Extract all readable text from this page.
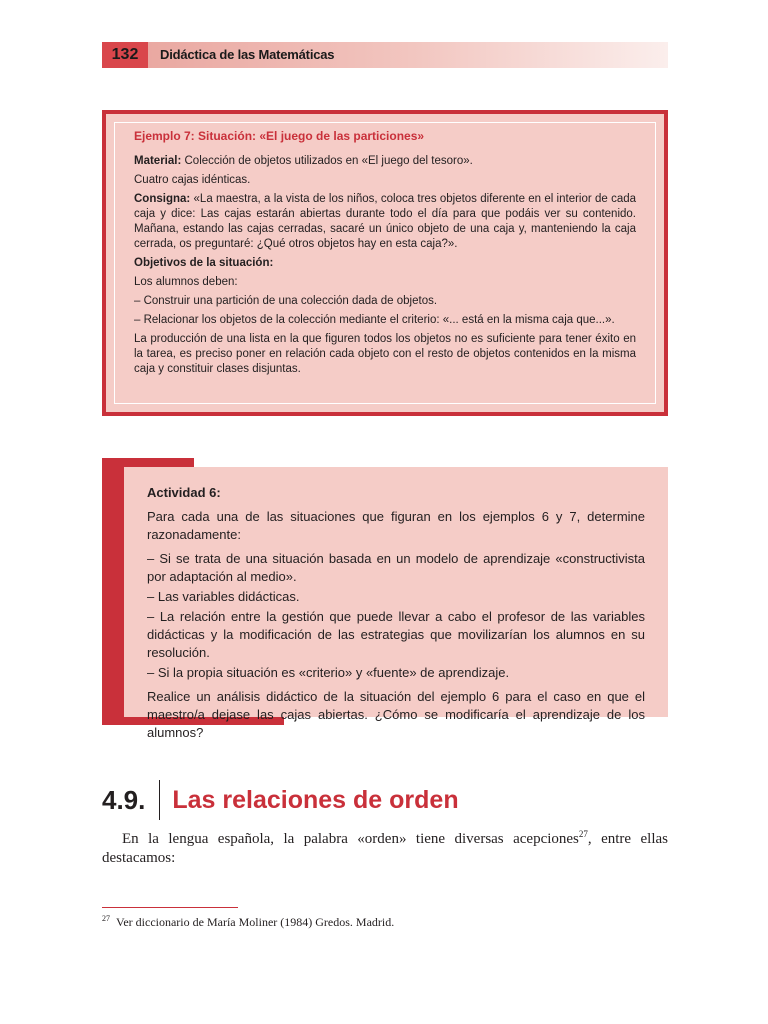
132	Didáctica de las Matemáticas

Ejemplo 7: Situación: «El juego de las particiones»

Material: Colección de objetos utilizados en «El juego del tesoro».

Cuatro cajas idénticas.

Consigna: «La maestra, a la vista de los niños, coloca tres objetos diferente en el interior de cada caja y dice: Las cajas estarán abiertas durante todo el día para que podáis ver su contenido. Mañana, estando las cajas cerradas, sacaré un único objeto de una caja y, manteniendo la caja cerrada, os preguntaré: ¿Qué otros objetos hay en esta caja?».

Objetivos de la situación:

Los alumnos deben:

– Construir una partición de una colección dada de objetos.

– Relacionar los objetos de la colección mediante el criterio: «... está en la misma caja que...».

La producción de una lista en la que figuren todos los objetos no es suficiente para tener éxito en la tarea, es preciso poner en relación cada objeto con el resto de objetos contenidos en la misma caja y constituir clases disjuntas.

Actividad 6:

Para cada una de las situaciones que figuran en los ejemplos 6 y 7, determine razonadamente:

– Si se trata de una situación basada en un modelo de aprendizaje «constructivista por adaptación al medio».

– Las variables didácticas.

– La relación entre la gestión que puede llevar a cabo el profesor de las variables didácticas y la modificación de las estrategias que movilizarían los alumnos en su resolución.

– Si la propia situación es «criterio» y «fuente» de aprendizaje.

Realice un análisis didáctico de la situación del ejemplo 6 para el caso en que el maestro/a dejase las cajas abiertas. ¿Cómo se modificaría el aprendizaje de los alumnos?

4.9. Las relaciones de orden

En la lengua española, la palabra «orden» tiene diversas acepciones$^{27}$, entre ellas destacamos:

$^{27}$ Ver diccionario de María Moliner (1984) Gredos. Madrid.
